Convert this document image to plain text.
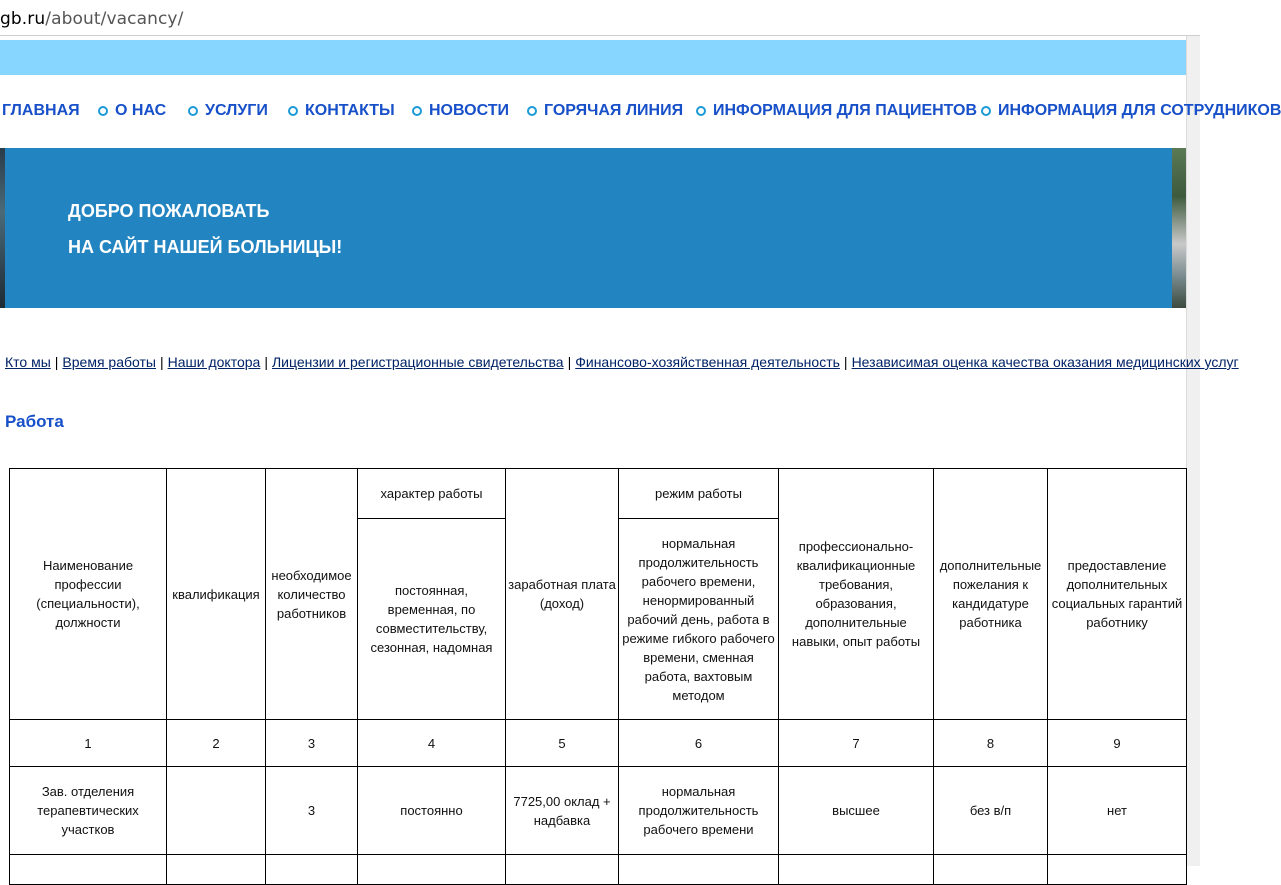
gb.ru/about/vacancy/
ГЛАВНАЯ О НАС УСЛУГИ КОНТАКТЫ НОВОСТИ ГОРЯЧАЯ ЛИНИЯ ИНФОРМАЦИЯ ДЛЯ ПАЦИЕНТОВ ИНФОРМАЦИЯ ДЛЯ СОТРУДНИКОВ
ДОБРО ПОЖАЛОВАТЬ
НА САЙТ НАШЕЙ БОЛЬНИЦЫ!
Кто мы | Время работы | Наши доктора | Лицензии и регистрационные свидетельства | Финансово-хозяйственная деятельность | Независимая оценка качества оказания медицинских услуг
Работа
Наименование профессии (специальности), должности	квалификация	необходимое количество работников	характер работы	заработная плата (доход)	режим работы	профессионально-квалификационные требования, образования, дополнительные навыки, опыт работы	дополнительные пожелания к кандидатуре работника	предоставление дополнительных социальных гарантий работнику
			постоянная, временная, по совместительству, сезонная, надомная		нормальная продолжительность рабочего времени, ненормированный рабочий день, работа в режиме гибкого рабочего времени, сменная работа, вахтовым методом			
1	2	3	4	5	6	7	8	9
Зав. отделения терапевтических участков		3	постоянно	7725,00 оклад + надбавка	нормальная продолжительность рабочего времени	высшее	без в/п	нет
